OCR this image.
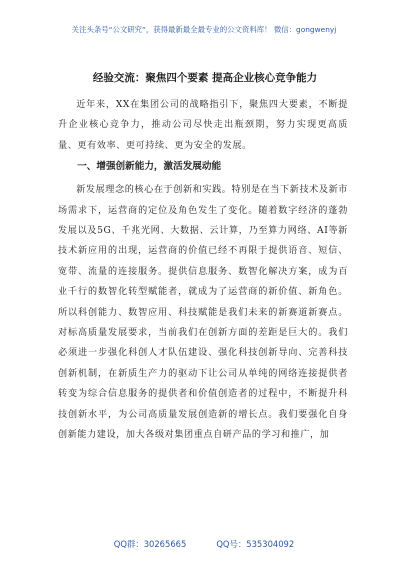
关注头条号“公文研究”，获得最新最全最专业的公文资料库！ 微信：gongwenyj
经验交流：聚焦四个要素 提高企业核心竞争能力

近年来，XX在集团公司的战略指引下，聚焦四大要素，不断提升企业核心竞争力，推动公司尽快走出瓶颈期，努力实现更高质量、更有效率、更可持续、更为安全的发展。

一、增强创新能力，激活发展动能

新发展理念的核心在于创新和实践。特别是在当下新技术及新市场需求下，运营商的定位及角色发生了变化。随着数字经济的蓬勃发展以及5G、千兆光网、大数据、云计算，乃至算力网络、AI等新技术新应用的出现，运营商的价值已经不再限于提供语音、短信、宽带、流量的连接服务。提供信息服务、数智化解决方案，成为百业千行的数智化转型赋能者，就成为了运营商的新价值、新角色。所以科创能力、数智应用、科技赋能是我们未来的新赛道新赛点。对标高质量发展要求，当前我们在创新方面的差距是巨大的。我们必须进一步强化科创人才队伍建设、强化科技创新导向、完善科技创新机制，在新质生产力的驱动下让公司从单纯的网络连接提供者转变为综合信息服务的提供者和价值创造者的过程中，不断提升科技创新水平，为公司高质量发展创造新的增长点。我们要强化自身创新能力建设，加大各级对集团重点自研产品的学习和推广，加

QQ群：30265665	QQ号：535304092
